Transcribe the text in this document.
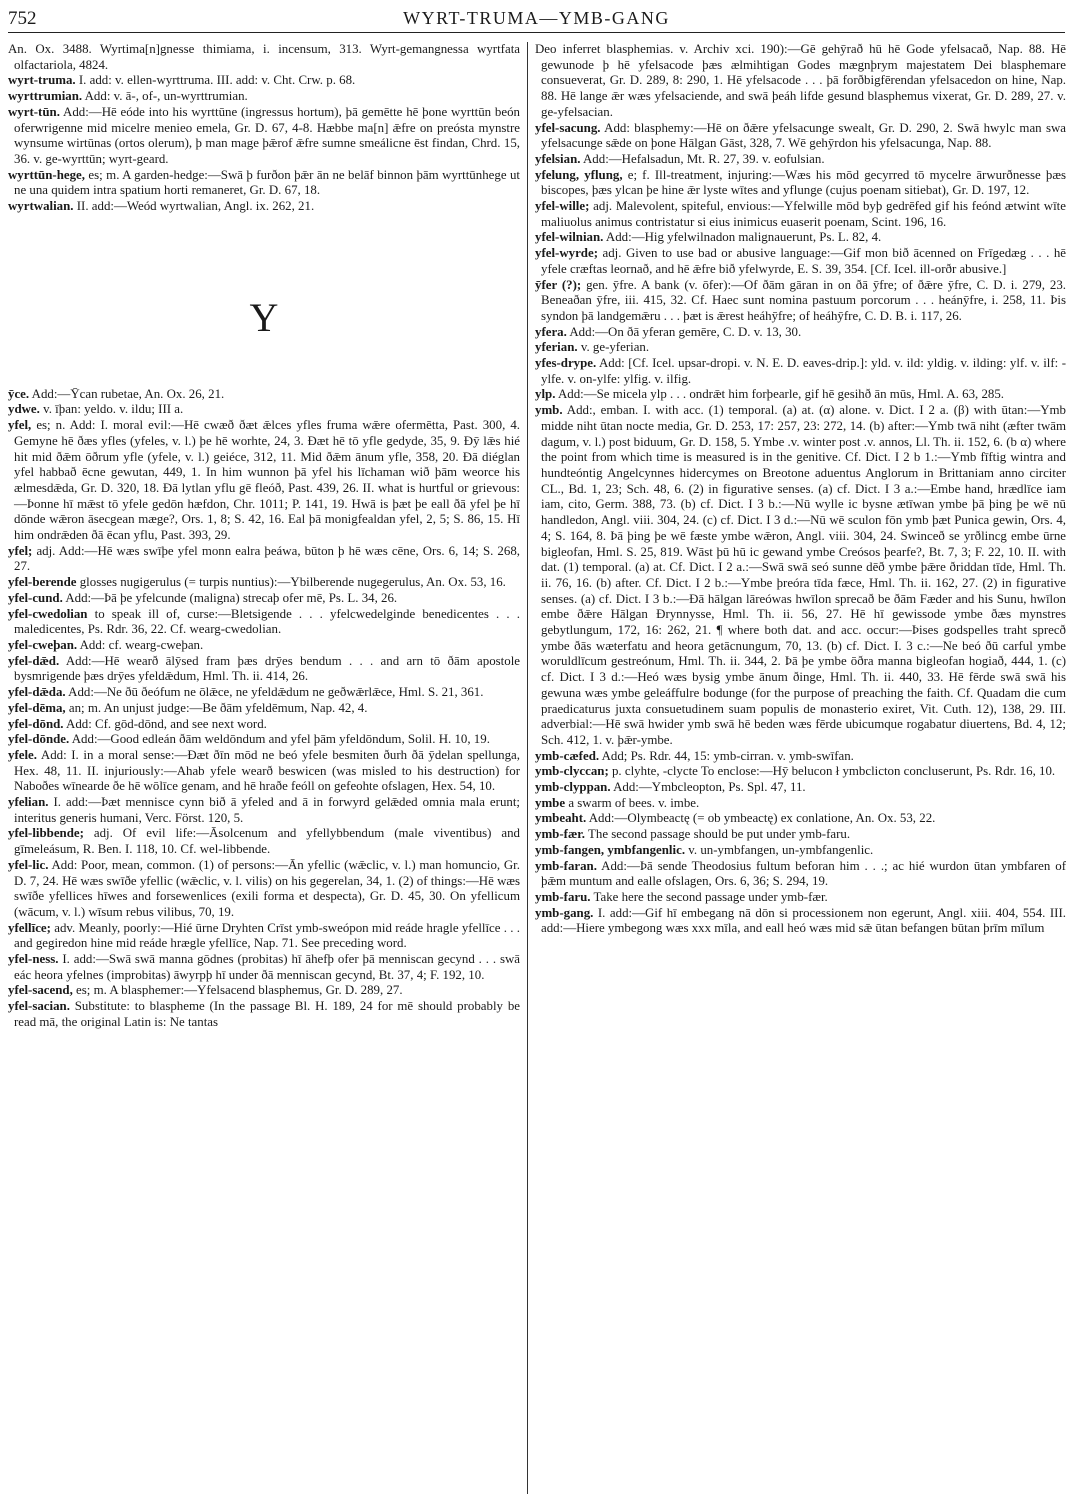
752	WYRT-TRUMA—YMB-GANG

An. Ox. 3488. Wyrtima[n]gnesse thimiama, i. incensum, 313. Wyrt-gemangnessa wyrtfata olfactariola, 4824.

wyrt-truma. I. add: v. ellen-wyrttruma. III. add: v. Cht. Crw. p. 68.

wyrttrumian. Add: v. ā-, of-, un-wyrttrumian.

wyrt-tūn. Add:—Hē eóde into his wyrttūne (ingressus hortum), þā gemētte hē þone wyrttūn beón oferwrigenne mid micelre menieo emela, Gr. D. 67, 4-8. Hæbbe ma[n] ǣfre on preósta mynstre wynsume wirtūnas (ortos olerum), þ man mage þǣrof ǣfre sumne smeálicne ēst findan, Chrd. 15, 36. v. ge-wyrttūn; wyrt-geard.

wyrttūn-hege, es; m. A garden-hedge:—Swā þ furðon þǣr ān ne belāf binnon þām wyrttūnhege ut ne una quidem intra spatium horti remaneret, Gr. D. 67, 18.

wyrtwalian. II. add:—Weód wyrtwalian, Angl. ix. 262, 21.

Y

ȳce. Add:—Ȳcan rubetae, An. Ox. 26, 21.

ydwe. v. īþan: yeldo. v. ildu; III a.

yfel, es; n. Add: I. moral evil:—Hē cwæð ðæt ǣlces yfles fruma wǣre ofermētta, Past. 300, 4. Gemyne hē ðæs yfles (yfeles, v. l.) þe hē worhte, 24, 3. Ðæt hē tō yfle gedyde, 35, 9. Ðȳ lǣs hié hit mid ðǣm ōðrum yfle (yfele, v. l.) geiéce, 312, 11. Mid ðǣm ānum yfle, 358, 20. Ðā diéglan yfel habbað ēcne gewutan, 449, 1. In him wunnon þā yfel his līchaman wið þām weorce his ælmesdǣda, Gr. D. 320, 18. Ðā lytlan yflu gē fleóð, Past. 439, 26. II. what is hurtful or grievous:—Þonne hī mǣst tō yfele gedōn hæfdon, Chr. 1011; P. 141, 19. Hwā is þæt þe eall ðā yfel þe hī dōnde wǣron āsecgean mæge?, Ors. 1, 8; S. 42, 16. Eal þā monigfealdan yfel, 2, 5; S. 86, 15. Hī him ondrǣden ðā ēcan yflu, Past. 393, 29.

yfel; adj. Add:—Hē wæs swīþe yfel monn ealra þeáwa, būton þ hē wæs cēne, Ors. 6, 14; S. 268, 27.

yfel-berende glosses nugigerulus (= turpis nuntius):—Ybilberende nugegerulus, An. Ox. 53, 16.

yfel-cund. Add:—Þā þe yfelcunde (maligna) strecaþ ofer mē, Ps. L. 34, 26.

yfel-cwedolian to speak ill of, curse:—Bletsigende . . . yfelcwedelginde benedicentes . . . maledicentes, Ps. Rdr. 36, 22. Cf. wearg-cwedolian.

yfel-cweþan. Add: cf. wearg-cweþan.

yfel-dǣd. Add:—Hē wearð ālȳsed fram þæs drȳes bendum . . . and arn tō ðām apostole bysmrigende þæs drȳes yfeldǣdum, Hml. Th. ii. 414, 26.

yfel-dǣda. Add:—Ne ðū ðeófum ne ōlǣce, ne yfeldǣdum ne geðwǣrlǣce, Hml. S. 21, 361.

yfel-dēma, an; m. An unjust judge:—Be ðām yfeldēmum, Nap. 42, 4.

yfel-dōnd. Add: Cf. gōd-dōnd, and see next word.

yfel-dōnde. Add:—Good edleán ðām weldōndum and yfel þām yfeldōndum, Solil. H. 10, 19.

yfele. Add: I. in a moral sense:—Ðæt ðīn mōd ne beó yfele besmiten ðurh ðā ȳdelan spellunga, Hex. 48, 11. II. injuriously:—Ahab yfele wearð beswicen (was misled to his destruction) for Naboðes wīnearde ðe hē wōlīce genam, and hē hraðe feóll on gefeohte ofslagen, Hex. 54, 10.

yfelian. I. add:—Þæt mennisce cynn bið ā yfeled and ā in forwyrd gelǣded omnia mala erunt; interitus generis humani, Verc. Först. 120, 5.

yfel-libbende; adj. Of evil life:—Āsolcenum and yfellybbendum (male viventibus) and gīmeleásum, R. Ben. I. 118, 10. Cf. wel-libbende.

yfel-lic. Add: Poor, mean, common. (1) of persons:—Ān yfellic (wǣclic, v. l.) man homuncio, Gr. D. 7, 24. Hē wæs swīðe yfellic (wǣclic, v. l. vilis) on his gegerelan, 34, 1. (2) of things:—Hē wæs swīðe yfellices hīwes and forsewenlices (exili forma et despecta), Gr. D. 45, 30. On yfellicum (wācum, v. l.) wīsum rebus vilibus, 70, 19.

yfellīce; adv. Meanly, poorly:—Hié ūrne Dryhten Crīst ymb-sweópon mid reáde hragle yfellīce . . . and gegiredon hine mid reáde hrægle yfellīce, Nap. 71. See preceding word.

yfel-ness. I. add:—Swā swā manna gōdnes (probitas) hī āhefþ ofer þā menniscan gecynd . . . swā eác heora yfelnes (improbitas) āwyrpþ hī under ðā menniscan gecynd, Bt. 37, 4; F. 192, 10.

yfel-sacend, es; m. A blasphemer:—Yfelsacend blasphemus, Gr. D. 289, 27.

yfel-sacian. Substitute: to blaspheme (In the passage Bl. H. 189, 24 for mē should probably be read mā, the original Latin is: Ne tantas

Deo inferret blasphemias. v. Archiv xci. 190):—Gē gehȳrað hū hē Gode yfelsacað, Nap. 88. Hē gewunode þ hē yfelsacode þæs ælmihtigan Godes mægnþrym majestatem Dei blasphemare consueverat, Gr. D. 289, 8: 290, 1. Hē yfelsacode . . . þā forðbigfērendan yfelsacedon on hine, Nap. 88. Hē lange ǣr wæs yfelsaciende, and swā þeáh lifde gesund blasphemus vixerat, Gr. D. 289, 27. v. ge-yfelsacian.

yfel-sacung. Add: blasphemy:—Hē on ðǣre yfelsacunge swealt, Gr. D. 290, 2. Swā hwylc man swa yfelsacunge sǣde on þone Hālgan Gāst, 328, 7. Wē gehȳrdon his yfelsacunga, Nap. 88.

yfelsian. Add:—Hefalsadun, Mt. R. 27, 39. v. eofulsian.

yfelung, yflung, e; f. Ill-treatment, injuring:—Wæs his mōd gecyrred tō mycelre ārwurðnesse þæs biscopes, þæs ylcan þe hine ǣr lyste wītes and yflunge (cujus poenam sitiebat), Gr. D. 197, 12.

yfel-wille; adj. Malevolent, spiteful, envious:—Yfelwille mōd byþ gedrēfed gif his feónd ætwint wīte maliuolus animus contristatur si eius inimicus euaserit poenam, Scint. 196, 16.

yfel-wilnian. Add:—Hig yfelwilnadon malignauerunt, Ps. L. 82, 4.

yfel-wyrde; adj. Given to use bad or abusive language:—Gif mon bið ācenned on Frīgedæg . . . hē yfele cræftas leornað, and hē ǣfre bið yfelwyrde, E. S. 39, 354. [Cf. Icel. ill-orðr abusive.]

ȳfer (?); gen. ȳfre. A bank (v. ōfer):—Of ðām gāran in on ðā ȳfre; of ðǣre ȳfre, C. D. i. 279, 23. Beneaðan ȳfre, iii. 415, 32. Cf. Haec sunt nomina pastuum porcorum . . . heánȳfre, i. 258, 11. Þis syndon þā landgemǣru . . . þæt is ǣrest heáhȳfre; of heáhȳfre, C. D. B. i. 117, 26.

yfera. Add:—On ðā yferan gemēre, C. D. v. 13, 30.

yferian. v. ge-yferian.

yfes-drype. Add: [Cf. Icel. upsar-dropi. v. N. E. D. eaves-drip.]: yld. v. ild: yldig. v. ilding: ylf. v. ilf: -ylfe. v. on-ylfe: ylfig. v. ilfig.

ylp. Add:—Se micela ylp . . . ondrǣt him forþearle, gif hē gesihð ān mūs, Hml. A. 63, 285.

ymb. Add:, emban. I. with acc. (1) temporal. (a) at. (α) alone. v. Dict. I 2 a. (β) with ūtan:—Ymb midde niht ūtan nocte media, Gr. D. 253, 17: 257, 23: 272, 14. (b) after:—Ymb twā niht (æfter twām dagum, v. l.) post biduum, Gr. D. 158, 5. Ymbe .v. winter post .v. annos, Ll. Th. ii. 152, 6. (b α) where the point from which time is measured is in the genitive. Cf. Dict. I 2 b 1.:—Ymb fīftig wintra and hundteóntig Angelcynnes hidercymes on Breotone aduentus Anglorum in Brittaniam anno circiter CL., Bd. 1, 23; Sch. 48, 6. (2) in figurative senses. (a) cf. Dict. I 3 a.:—Embe hand, hrædlīce iam iam, cito, Germ. 388, 73. (b) cf. Dict. I 3 b.:—Nū wylle ic bysne ætīwan ymbe þā þing þe wē nū handledon, Angl. viii. 304, 24. (c) cf. Dict. I 3 d.:—Nū wē sculon fōn ymb þæt Punica gewin, Ors. 4, 4; S. 164, 8. Þā þing þe wē fæste ymbe wǣron, Angl. viii. 304, 24. Swinceð se yrðlincg embe ūrne bigleofan, Hml. S. 25, 819. Wāst þū hū ic gewand ymbe Creósos þearfe?, Bt. 7, 3; F. 22, 10. II. with dat. (1) temporal. (a) at. Cf. Dict. I 2 a.:—Swā swā seó sunne dēð ymbe þǣre ðriddan tīde, Hml. Th. ii. 76, 16. (b) after. Cf. Dict. I 2 b.:—Ymbe þreóra tīda fæce, Hml. Th. ii. 162, 27. (2) in figurative senses. (a) cf. Dict. I 3 b.:—Ðā hālgan lāreówas hwīlon sprecað be ðām Fæder and his Sunu, hwīlon embe ðǣre Hālgan Ðrynnysse, Hml. Th. ii. 56, 27. Hē hī gewissode ymbe ðæs mynstres gebytlungum, 172, 16: 262, 21. ¶ where both dat. and acc. occur:—Þises godspelles traht sprecð ymbe ðās wæterfatu and heora getācnungum, 70, 13. (b) cf. Dict. I. 3 c.:—Ne beó ðū carful ymbe woruldlīcum gestreónum, Hml. Th. ii. 344, 2. Þā þe ymbe ōðra manna bigleofan hogiað, 444, 1. (c) cf. Dict. I 3 d.:—Heó wæs bysig ymbe ānum ðinge, Hml. Th. ii. 440, 33. Hē fērde swā swā his gewuna wæs ymbe geleáffulre bodunge (for the purpose of preaching the faith. Cf. Quadam die cum praedicaturus juxta consuetudinem suam populis de monasterio exiret, Vit. Cuth. 12), 138, 29. III. adverbial:—Hē swā hwider ymb swā hē beden wæs fērde ubicumque rogabatur diuertens, Bd. 4, 12; Sch. 412, 1. v. þǣr-ymbe.

ymb-cæfed. Add; Ps. Rdr. 44, 15: ymb-cirran. v. ymb-swīfan.

ymb-clyccan; p. clyhte, -clycte To enclose:—Hȳ belucon ł ymbclicton concluserunt, Ps. Rdr. 16, 10.

ymb-clyppan. Add:—Ymbcleopton, Ps. Spl. 47, 11.

ymbe a swarm of bees. v. imbe.

ymbeaht. Add:—Olymbeactę (= ob ymbeactę) ex conlatione, An. Ox. 53, 22.

ymb-fær. The second passage should be put under ymb-faru.

ymb-fangen, ymbfangenlic. v. un-ymbfangen, un-ymbfangenlic.

ymb-faran. Add:—Þā sende Theodosius fultum beforan him . . .; ac hié wurdon ūtan ymbfaren of þǣm muntum and ealle ofslagen, Ors. 6, 36; S. 294, 19.

ymb-faru. Take here the second passage under ymb-fær.

ymb-gang. I. add:—Gif hī embegang nā dōn si processionem non egerunt, Angl. xiii. 404, 554. III. add:—Hiere ymbegong wæs xxx mīla, and eall heó wæs mid sǣ ūtan befangen būtan þrīm mīlum
